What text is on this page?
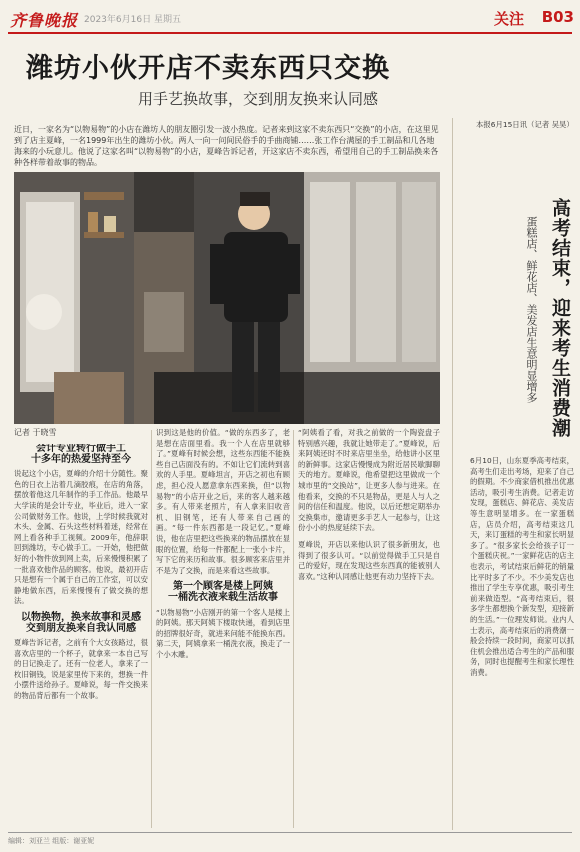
齐鲁晚报 2023年6月16日 星期五	关注 B03
潍坊小伙开店不卖东西只交换
用手艺换故事，交到朋友换来认同感
近日，一家名为“以物易物”的小店在潍坊人的朋友圈引发一波小热度。记者来到这家不卖东西只“交换”的小店，在这里见到了店主夏峰，一名1999年出生的潍坊小伙。两人一向一问间民俗手的手曲商铺……张工作台满屋的手工制品和几各地海来的小玩意儿。他说了这家名叫“以物易物”的小店，夏峰告诉记者，开这家店不卖东西，希望用自己的手工制品换来各种各样带着故事的物品。
记者 于晓雪
会计专业转行做手工
十多年的热爱坚持至今
说起这个小店，夏峰的介绍十分随性。聚色的日衣上沾着几滴胶痕，在店的角落，摆放着他这几年制作的手工作品。他最早大学读的是会计专业，毕业后，进入一家公司做财务工作。他说，上学时候我就对木头、金属、石头这些材料着迷，经常在网上看各种手工视频。2009年，他辞职回到潍坊，专心做手工。一开始，他把做好的小物件放到网上卖，后来慢慢积累了一批喜欢他作品的顾客。他说，最初开店只是想有一个属于自己的工作室，可以安静地做东西，后来慢慢有了做交换的想法。
以物换物，换来故事和灵感
交到朋友换来自我认同感
夏峰告诉记者，之前有个大女孩路过，很喜欢店里的一个杯子，就拿来一本自己写的日记换走了。还有一位老人，拿来了一枚旧铜钱，说是家里传下来的，想换一件小摆件送给孙子。夏峰说，每一件交换来的物品背后都有一个故事。
识到这是他的价值。“做的东西多了，老是想在店面里看。我一个人在店里就够了。”夏峰有时候会想，这些东西能不能换些自己店面没有的。不如让它们流转到喜欢的人手里。夏峰坦言，开店之初也有顾虑，担心没人愿意拿东西来换，但“以物易物”的小店开业之后，来的客人越来越多。有人带来老照片，有人拿来旧收音机、旧钢笔，还有人带来自己画的画。“每一件东西都是一段记忆。”夏峰说，他在店里把这些换来的物品摆放在显眼的位置，给每一件都配上一张小卡片，写下它的来历和故事。很多顾客来店里并不是为了交换，而是来看这些故事。
第一个顾客是楼上阿姨
一桶洗衣液来载生活故事
“以物易物”小店刚开的第一个客人是楼上的阿姨。那天阿姨下楼取快递，看到店里的招牌很好奇，就进来问能不能换东西。第二天，阿姨拿来一桶洗衣液，换走了一个小木雕。
“阿姨看了看，对我之前做的一个陶瓷盘子特别感兴趣，我就让她带走了。”夏峰说，后来阿姨还时不时来店里坐坐，给他讲小区里的新鲜事。这家店慢慢成为附近居民歇脚聊天的地方。夏峰说，他希望把这里做成一个城市里的“交换站”，让更多人参与进来。在他看来，交换的不只是物品，更是人与人之间的信任和温度。他说，以后还想定期举办交换集市，邀请更多手艺人一起参与，让这份小小的热度延续下去。
夏峰说，开店以来他认识了很多新朋友，也得到了很多认可。“以前觉得做手工只是自己的爱好，现在发现这些东西真的能被别人喜欢。”这种认同感让他更有动力坚持下去。
本报6月15日讯（记者 吴昊）
高考结束，迎来考生消费潮
蛋糕店、鲜花店、美发店生意明显增多
6月10日，山东夏季高考结束，高考生们走出考场，迎来了自己的假期。不少商家借机推出优惠活动，吸引考生消费。记者走访发现，蛋糕店、鲜花店、美发店等生意明显增多。在一家蛋糕店，店员介绍，高考结束这几天，来订蛋糕的考生和家长明显多了。“很多家长会给孩子订一个蛋糕庆祝。”一家鲜花店的店主也表示，考试结束后鲜花的销量比平时多了不少。不少美发店也推出了学生专享优惠，吸引考生前来做造型。“高考结束后，很多学生都想换个新发型，迎接新的生活。”一位理发师说。业内人士表示，高考结束后的消费潮一般会持续一段时间，商家可以抓住机会推出适合考生的产品和服务，同时也提醒考生和家长理性消费。
编辑：刘亚兰 组版：谢亚妮
